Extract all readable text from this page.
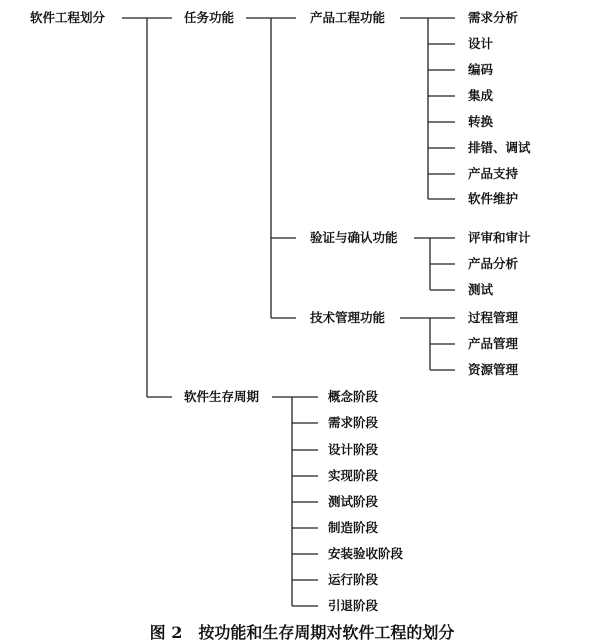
软件工程划分	任务功能
软件生存周期
产品工程功能
验证与确认功能
技术管理功能
需求分析
设计
编码
集成
转换
排错、调试
产品支持
软件维护
评审和审计
产品分析
测试
过程管理
产品管理
资源管理
概念阶段
需求阶段
设计阶段
实现阶段
测试阶段
制造阶段
安装验收阶段
运行阶段
引退阶段
图 2　按功能和生存周期对软件工程的划分
